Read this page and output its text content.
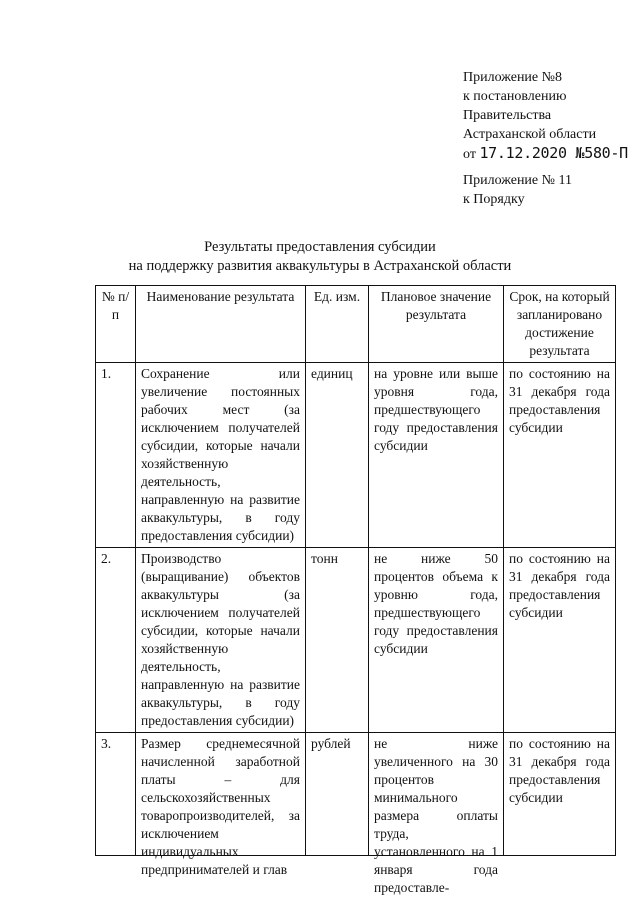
Приложение №8
к постановлению
Правительства
Астраханской области
от 17.12.2020 №580-П
Приложение № 11
к Порядку
Результаты предоставления субсидии
на поддержку развития аквакультуры в Астраханской области
№ п/п	Наименование результата	Ед. изм.	Плановое значение результата	Срок, на который запланировано достижение результата
1.	Сохранение или увеличение постоянных рабочих мест (за исключением получателей субсидии, которые начали хозяйственную деятельность, направленную на развитие аквакультуры, в году предоставления субсидии)	единиц	на уровне или выше уровня года, предшествующего году предоставления субсидии	по состоянию на 31 декабря года предоставления субсидии
2.	Производство (выращивание) объектов аквакультуры (за исключением получателей субсидии, которые начали хозяйственную деятельность, направленную на развитие аквакультуры, в году предоставления субсидии)	тонн	не ниже 50 процентов объема к уровню года, предшествующего году предоставления субсидии	по состоянию на 31 декабря года предоставления субсидии
3.	Размер среднемесячной начисленной заработной платы – для сельскохозяйственных товаропроизводителей, за исключением индивидуальных предпринимателей и глав	рублей	не ниже увеличенного на 30 процентов минимального размера оплаты труда, установленного на 1 января года предоставле-	по состоянию на 31 декабря года предоставления субсидии
